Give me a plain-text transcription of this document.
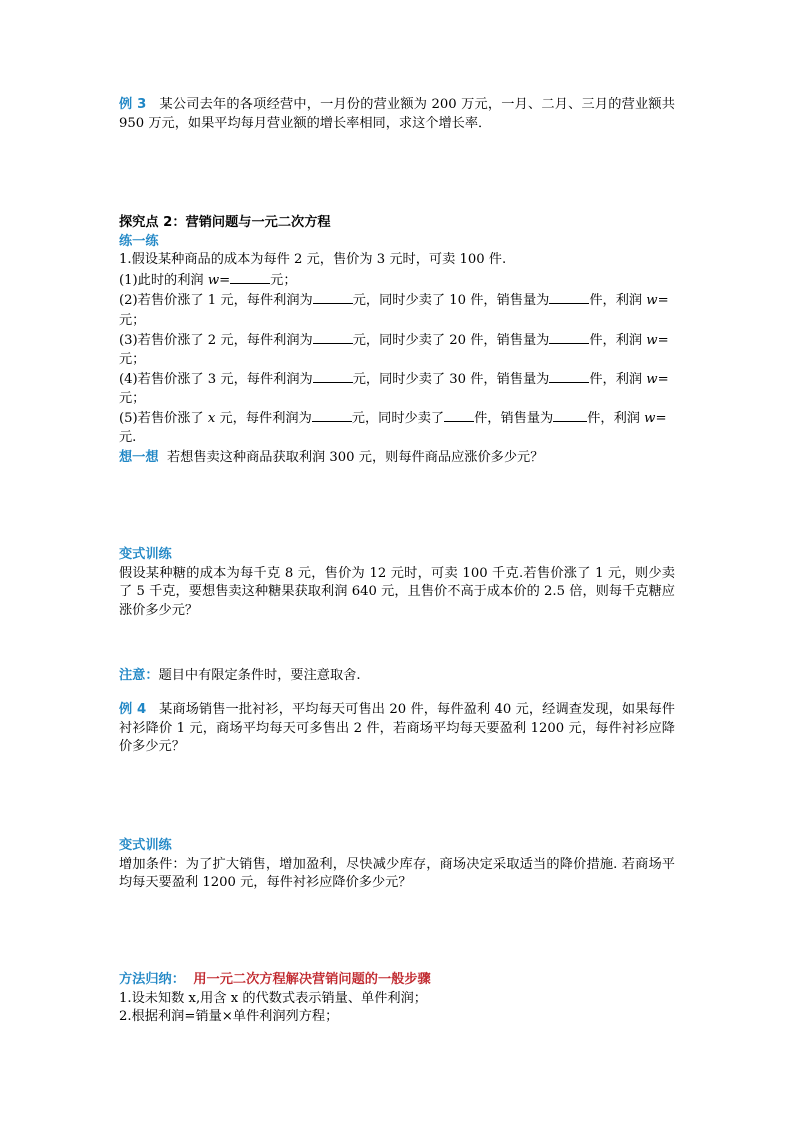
例 3 某公司去年的各项经营中，一月份的营业额为 200 万元，一月、二月、三月的营业额共 950 万元，如果平均每月营业额的增长率相同，求这个增长率．
探究点 2：营销问题与一元二次方程
练一练
1.假设某种商品的成本为每件 2 元，售价为 3 元时，可卖 100 件.
(1)此时的利润 w=	元；
(2)若售价涨了 1 元，每件利润为	元，同时少卖了 10 件，销售量为	件，利润 w=
元；
(3)若售价涨了 2 元，每件利润为	元，同时少卖了 20 件，销售量为	件，利润 w=
元；
(4)若售价涨了 3 元，每件利润为	元，同时少卖了 30 件，销售量为	件，利润 w=
元；
(5)若售价涨了 x 元，每件利润为	元，同时少卖了 件，销售量为	件，利润 w=
元.
想一想 若想售卖这种商品获取利润 300 元，则每件商品应涨价多少元？
变式训练
假设某种糖的成本为每千克 8 元，售价为 12 元时，可卖 100 千克.若售价涨了 1 元，则少卖了 5 千克，要想售卖这种糖果获取利润 640 元，且售价不高于成本价的 2.5 倍，则每千克糖应涨价多少元？
注意：题目中有限定条件时，要注意取舍.
例 4 某商场销售一批衬衫，平均每天可售出 20 件，每件盈利 40 元，经调查发现，如果每件衬衫降价 1 元，商场平均每天可多售出 2 件，若商场平均每天要盈利 1200 元，每件衬衫应降价多少元？
变式训练
增加条件：为了扩大销售，增加盈利，尽快减少库存，商场决定采取适当的降价措施. 若商场平均每天要盈利 1200 元，每件衬衫应降价多少元？
方法归纳： 用一元二次方程解决营销问题的一般步骤
1.设未知数 x,用含 x 的代数式表示销量、单件利润；
2.根据利润=销量×单件利润列方程；
